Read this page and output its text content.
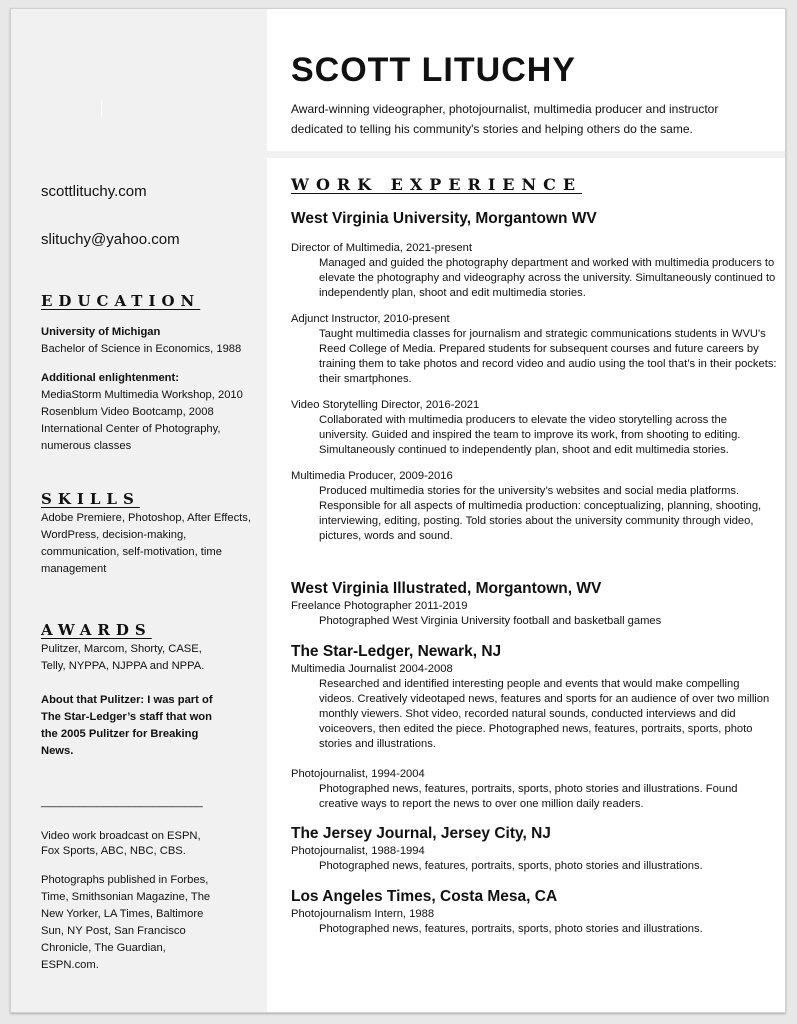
scottlituchy.com

slituchy@yahoo.com

EDUCATION

University of Michigan

Bachelor of Science in Economics, 1988

Additional enlightenment:

MediaStorm Multimedia Workshop, 2010

Rosenblum Video Bootcamp, 2008

International Center of Photography, numerous classes

SKILLS

Adobe Premiere, Photoshop, After Effects, WordPress, decision-making, communication, self-motivation, time management

AWARDS

Pulitzer, Marcom, Shorty, CASE, Telly, NYPPA, NJPPA and NPPA.

About that Pulitzer: I was part of The Star-Ledger’s staff that won the 2005 Pulitzer for Breaking News.

__________________________

Video work broadcast on ESPN, Fox Sports, ABC, NBC, CBS.

Photographs published in Forbes, Time, Smithsonian Magazine, The New Yorker, LA Times, Baltimore Sun, NY Post, San Francisco Chronicle, The Guardian, ESPN.com.

SCOTT LITUCHY

Award-winning videographer, photojournalist, multimedia producer and instructor dedicated to telling his community's stories and helping others do the same.

WORK EXPERIENCE

West Virginia University, Morgantown WV

Director of Multimedia, 2021-present

Managed and guided the photography department and worked with multimedia producers to elevate the photography and videography across the university. Simultaneously continued to independently plan, shoot and edit multimedia stories.

Adjunct Instructor, 2010-present

Taught multimedia classes for journalism and strategic communications students in WVU's Reed College of Media. Prepared students for subsequent courses and future careers by training them to take photos and record video and audio using the tool that’s in their pockets: their smartphones.

Video Storytelling Director, 2016-2021

Collaborated with multimedia producers to elevate the video storytelling across the university. Guided and inspired the team to improve its work, from shooting to editing. Simultaneously continued to independently plan, shoot and edit multimedia stories.

Multimedia Producer, 2009-2016

Produced multimedia stories for the university’s websites and social media platforms. Responsible for all aspects of multimedia production: conceptualizing, planning, shooting, interviewing, editing, posting. Told stories about the university community through video, pictures, words and sound.

West Virginia Illustrated, Morgantown, WV

Freelance Photographer 2011-2019

Photographed West Virginia University football and basketball games

The Star-Ledger, Newark, NJ

Multimedia Journalist 2004-2008

Researched and identified interesting people and events that would make compelling videos. Creatively videotaped news, features and sports for an audience of over two million monthly viewers. Shot video, recorded natural sounds, conducted interviews and did voiceovers, then edited the piece. Photographed news, features, portraits, sports, photo stories and illustrations.

Photojournalist, 1994-2004

Photographed news, features, portraits, sports, photo stories and illustrations. Found creative ways to report the news to over one million daily readers.

The Jersey Journal, Jersey City, NJ

Photojournalist, 1988-1994

Photographed news, features, portraits, sports, photo stories and illustrations.

Los Angeles Times, Costa Mesa, CA

Photojournalism Intern, 1988

Photographed news, features, portraits, sports, photo stories and illustrations.
